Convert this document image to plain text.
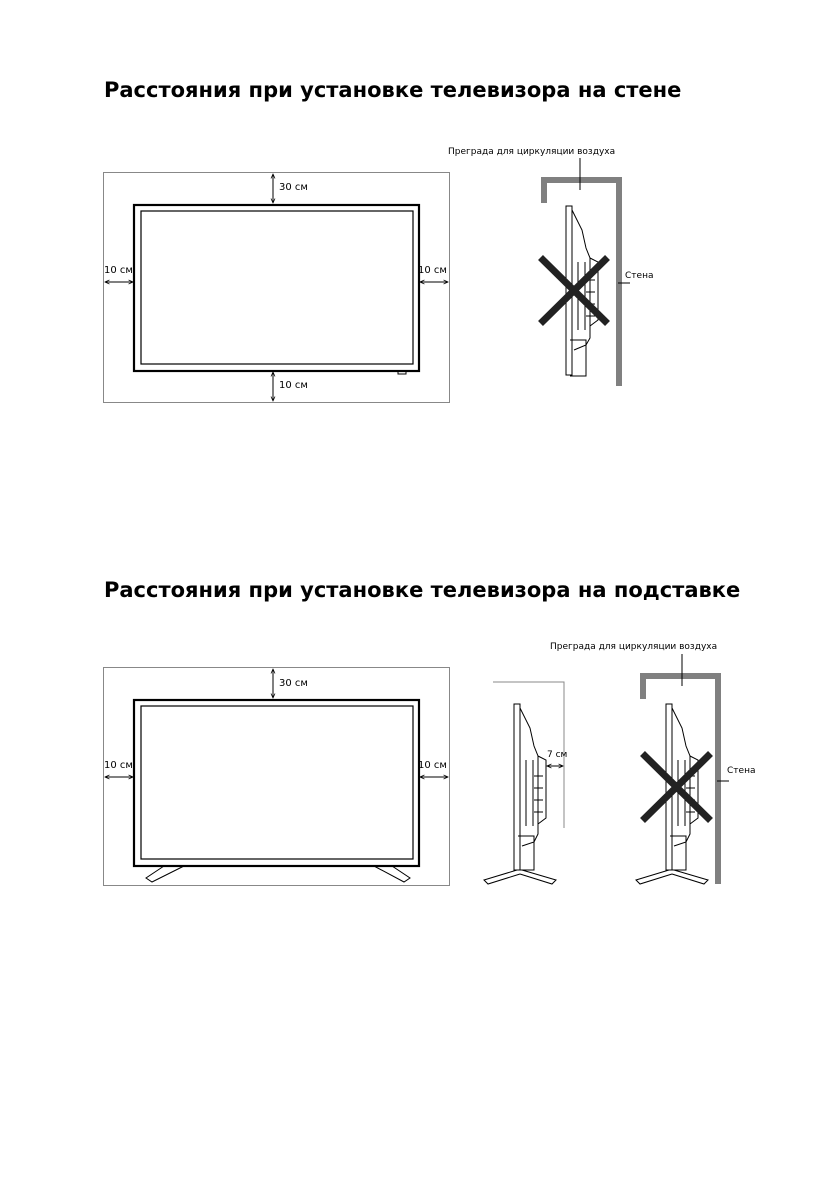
Расстояния при установке телевизора на стене
Расстояния при установке телевизора на подставке
30 см
10 см	10 см
10 см
Преграда для циркуляции воздуха
Стена
30 см
10 см	10 см
7 см
Преграда для циркуляции воздуха
Стена
